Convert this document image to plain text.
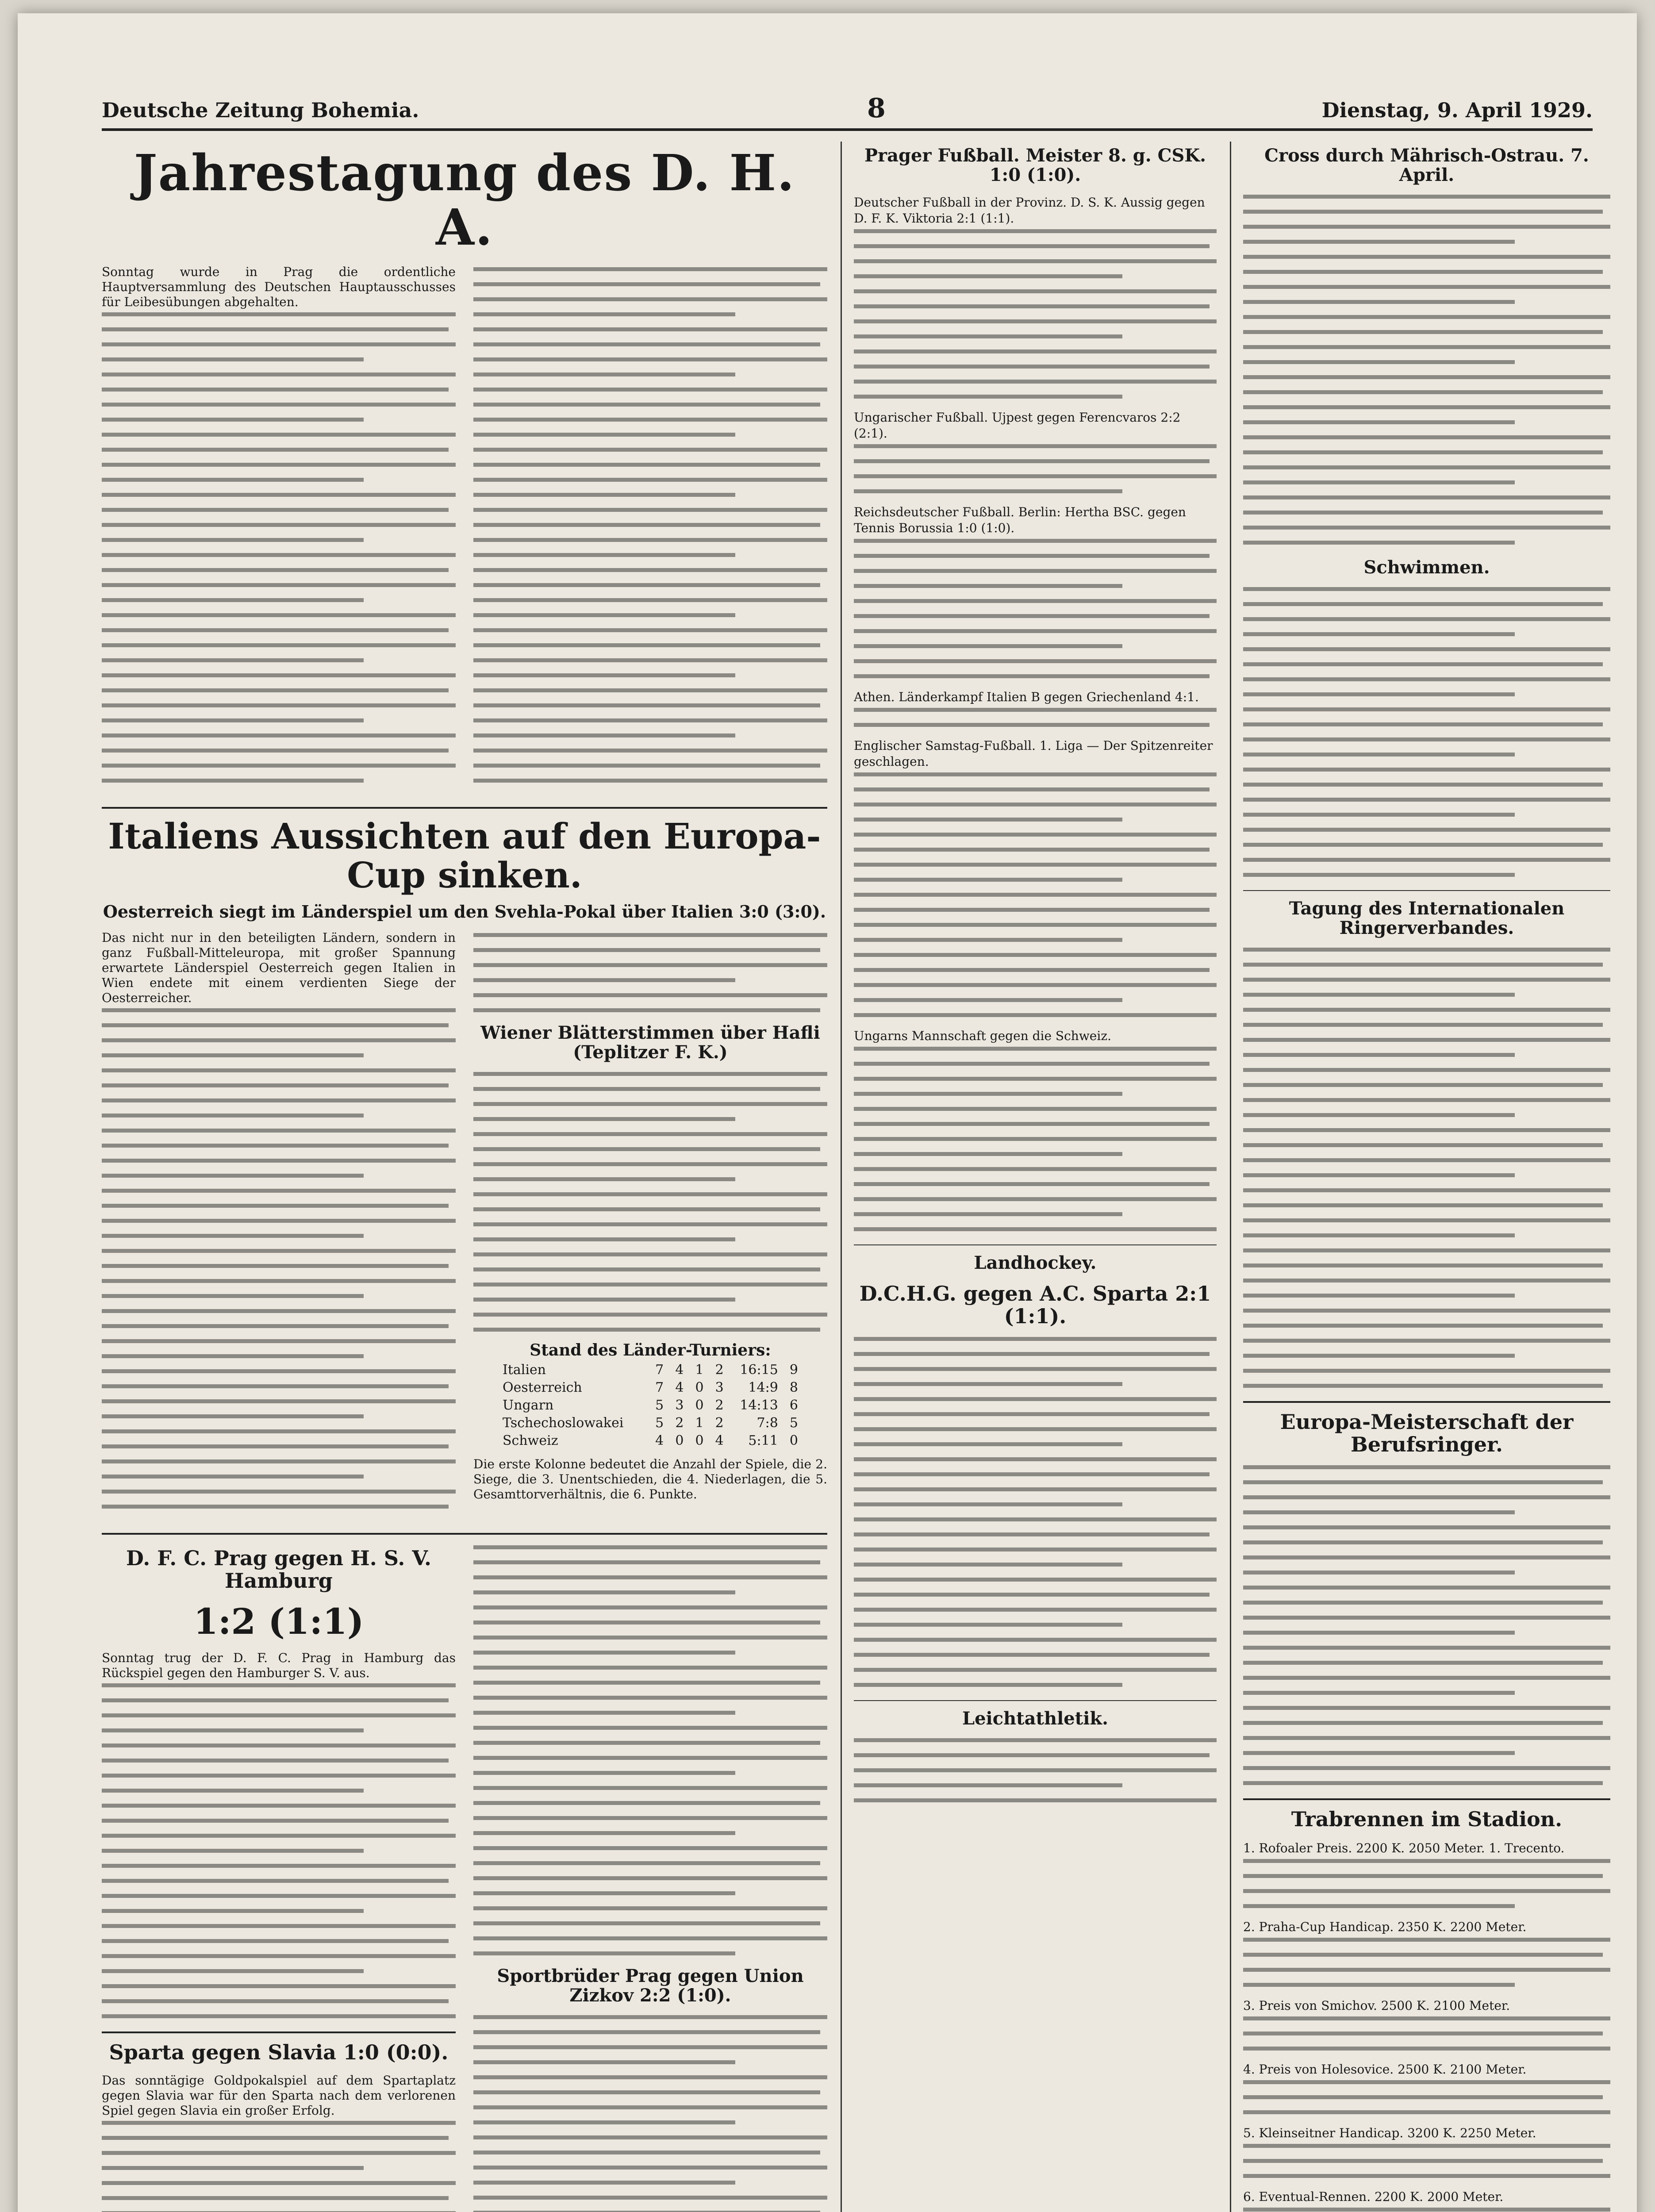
Deutsche Zeitung Bohemia.	8	Dienstag, 9. April 1929.
Jahrestagung des D. H. A.
Sonntag wurde in Prag die ordentliche Hauptversammlung des Deutschen Hauptausschusses für Leibesübungen abgehalten.
Italiens Aussichten auf den Europa-Cup sinken.
Oesterreich siegt im Länderspiel um den Svehla-Pokal über Italien 3:0 (3:0).
Das nicht nur in den beteiligten Ländern, sondern in ganz Fußball-Mitteleuropa, mit großer Spannung erwartete Länderspiel Oesterreich gegen Italien in Wien endete mit einem verdienten Siege der Oesterreicher.
Wiener Blätterstimmen über Hafli (Teplitzer F. K.)
Stand des Länder-Turniers:
Italien	7	4	1	2	16:15	9
Oesterreich	7	4	0	3	14:9	8
Ungarn	5	3	0	2	14:13	6
Tschechoslowakei	5	2	1	2	7:8	5
Schweiz	4	0	0	4	5:11	0
Die erste Kolonne bedeutet die Anzahl der Spiele, die 2. Siege, die 3. Unentschieden, die 4. Niederlagen, die 5. Gesamttorverhältnis, die 6. Punkte.
D. F. C. Prag gegen H. S. V. Hamburg
1:2 (1:1)
Sonntag trug der D. F. C. Prag in Hamburg das Rückspiel gegen den Hamburger S. V. aus.
Sparta gegen Slavia 1:0 (0:0).
Das sonntägige Goldpokalspiel auf dem Spartaplatz gegen Slavia war für den Sparta nach dem verlorenen Spiel gegen Slavia ein großer Erfolg.
Sportbrüder Prag gegen Union Zizkov 2:2 (1:0).
Prager Fußball. Meister 8. g. CSK. 1:0 (1:0).
Deutscher Fußball in der Provinz. D. S. K. Aussig gegen D. F. K. Viktoria 2:1 (1:1).
Ungarischer Fußball. Ujpest gegen Ferencvaros 2:2 (2:1).
Reichsdeutscher Fußball. Berlin: Hertha BSC. gegen Tennis Borussia 1:0 (1:0).
Athen. Länderkampf Italien B gegen Griechenland 4:1.
Englischer Samstag-Fußball. 1. Liga — Der Spitzenreiter geschlagen.
Ungarns Mannschaft gegen die Schweiz.
Landhockey.
D.C.H.G. gegen A.C. Sparta 2:1 (1:1).
Leichtathletik.
Cross durch Mährisch-Ostrau. 7. April.
Schwimmen.
Tagung des Internationalen Ringerverbandes.
Europa-Meisterschaft der Berufsringer.
Trabrennen im Stadion.
1. Rofoaler Preis. 2200 K. 2050 Meter. 1. Trecento.
2. Praha-Cup Handicap. 2350 K. 2200 Meter.
3. Preis von Smichov. 2500 K. 2100 Meter.
4. Preis von Holesovice. 2500 K. 2100 Meter.
5. Kleinseitner Handicap. 3200 K. 2250 Meter.
6. Eventual-Rennen. 2200 K. 2000 Meter.
